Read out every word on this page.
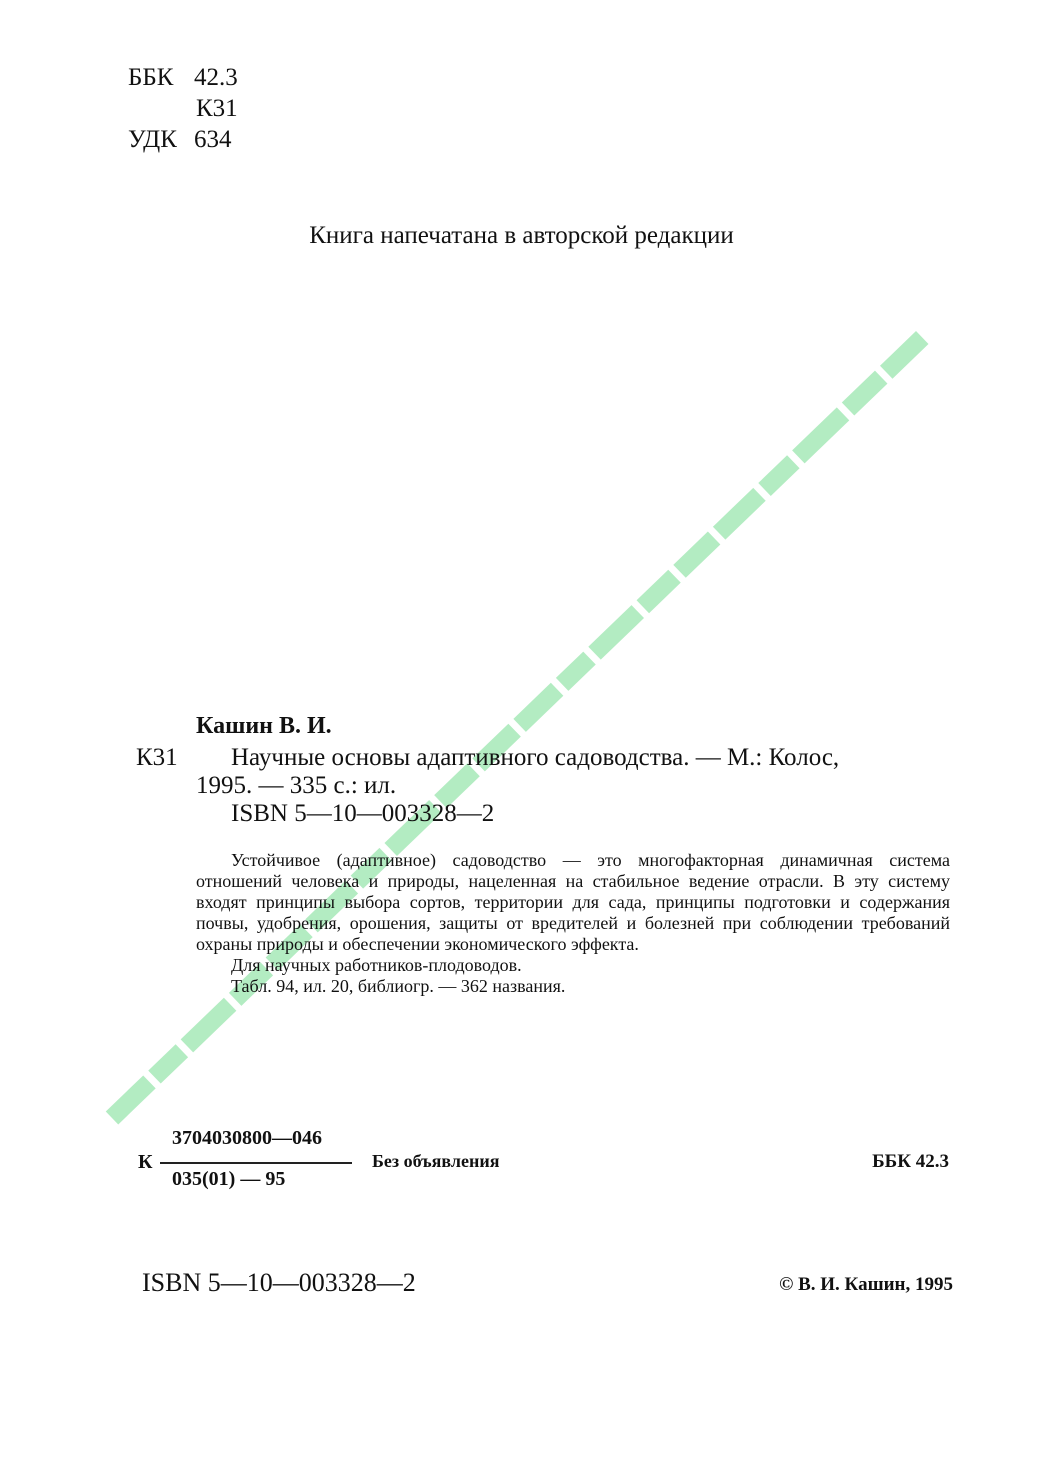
ББК 42.3
К31
УДК 634
Книга напечатана в авторской редакции
Кашин В. И.
К31 Научные основы адаптивного садоводства. — М.: Колос,
1995. — 335 с.: ил.
ISBN 5—10—003328—2

Устойчивое (адаптивное) садоводство — это многофакторная динамичная система отношений человека и природы, нацеленная на стабильное ведение отрасли. В эту систему входят принципы выбора сортов, территории для сада, принципы подготовки и содержания почвы, удобрения, орошения, защиты от вредителей и болезней при соблюдении требований охраны природы и обеспечении экономического эффекта.

Для научных работников-плодоводов.

Табл. 94, ил. 20, библиогр. — 362 названия.

К
3704030800—046
035(01) — 95
Без объявления	ББК 42.3
ISBN 5—10—003328—2	© В. И. Кашин, 1995
